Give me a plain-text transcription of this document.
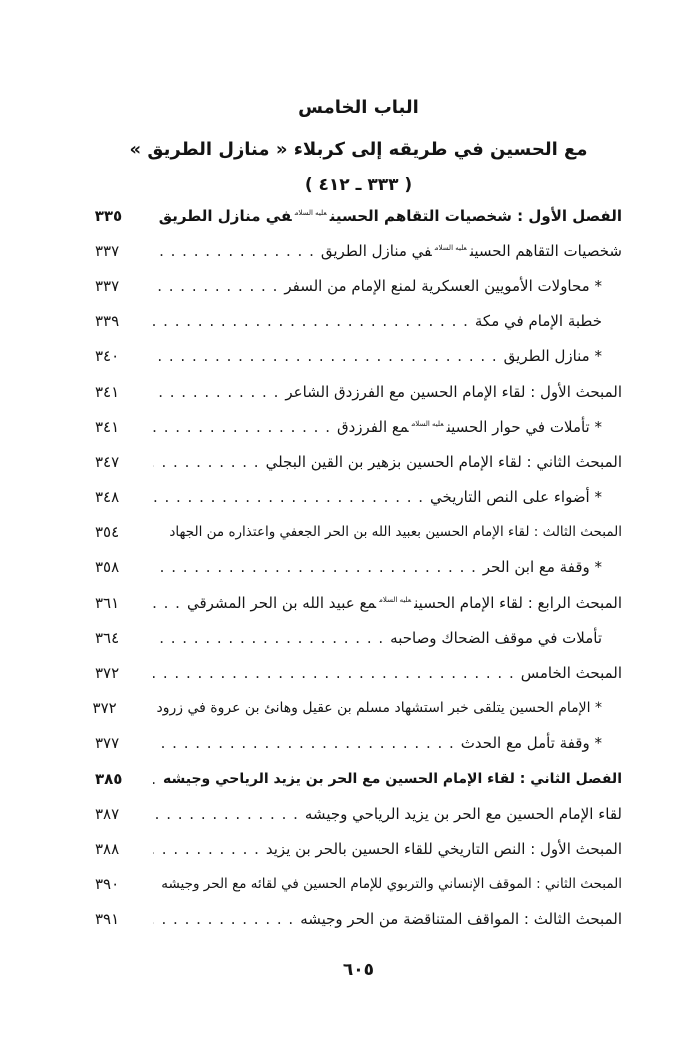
الباب الخامس
مع الحسين في طريقه إلى كربلاء « منازل الطريق »
( ٣٣٣ ـ ٤١٢ )
الفصل الأول : شخصيات التقاهم الحسين$^{عليه السلام}$في منازل الطريق
٣٣٥
شخصيات التقاهم الحسين$^{عليه السلام}$في منازل الطريق
. . .
٣٣٧
* محاولات الأمويين العسكرية لمنع الإمام من السفر
. . .
٣٣٧
خطبة الإمام في مكة
. . .
٣٣٩
* منازل الطريق
. . .
٣٤٠
المبحث الأول : لقاء الإمام الحسين مع الفرزدق الشاعر
. . .
٣٤١
* تأملات في حوار الحسين$^{عليه السلام}$مع الفرزدق
. . .
٣٤١
المبحث الثاني : لقاء الإمام الحسين بزهير بن القين البجلي
. . .
٣٤٧
* أضواء على النص التاريخي
. . .
٣٤٨
المبحث الثالث : لقاء الإمام الحسين بعبيد الله بن الحر الجعفي واعتذاره من الجهاد
٣٥٤
* وقفة مع ابن الحر
. . .
٣٥٨
المبحث الرابع : لقاء الإمام الحسين$^{عليه السلام}$مع عبيد الله بن الحر المشرقي
. . .
٣٦١
تأملات في موقف الضحاك وصاحبه
. . .
٣٦٤
المبحث الخامس
. . .
٣٧٢
* الإمام الحسين يتلقى خبر استشهاد مسلم بن عقيل وهانئ بن عروة في زرود
٣٧٢
* وقفة تأمل مع الحدث
. . .
٣٧٧
الفصل الثاني : لقاء الإمام الحسين مع الحر بن يزيد الرياحي وجيشه
. . .
٣٨٥
لقاء الإمام الحسين مع الحر بن يزيد الرياحي وجيشه
. . .
٣٨٧
المبحث الأول : النص التاريخي للقاء الحسين بالحر بن يزيد
. . .
٣٨٨
المبحث الثاني : الموقف الإنساني والتربوي للإمام الحسين في لقائه مع الحر وجيشه
٣٩٠
المبحث الثالث : المواقف المتناقضة من الحر وجيشه
. . .
٣٩١
٦٠٥
